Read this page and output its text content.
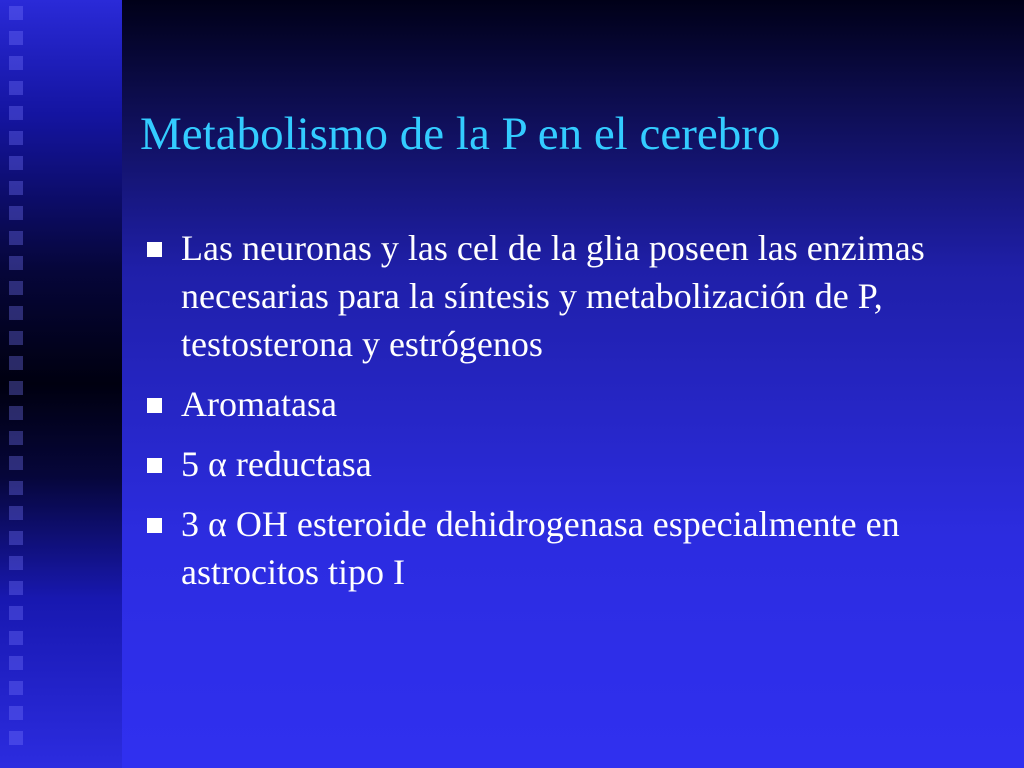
Metabolismo de la P en el cerebro
Las neuronas y las cel de la glia poseen las enzimas necesarias para la síntesis y metabolización de P, testosterona y estrógenos
Aromatasa
5 α reductasa
3 α OH esteroide dehidrogenasa especialmente en astrocitos tipo I
